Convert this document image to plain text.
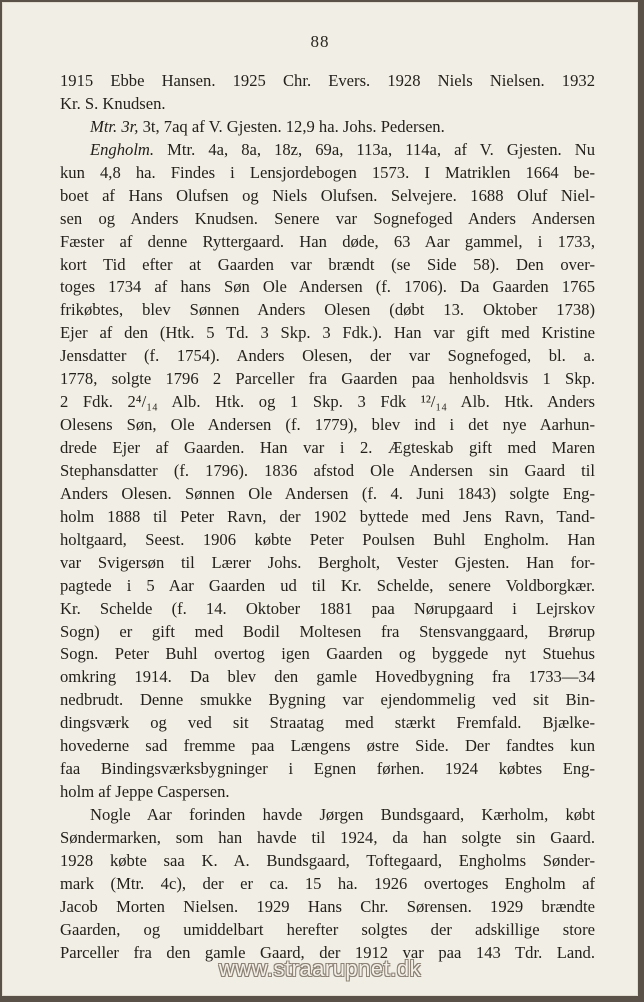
88
1915 Ebbe Hansen. 1925 Chr. Evers. 1928 Niels Nielsen. 1932
Kr. S. Knudsen.
Mtr. 3r, 3t, 7aq af V. Gjesten. 12,9 ha. Johs. Pedersen.
Engholm. Mtr. 4a, 8a, 18z, 69a, 113a, 114a, af V. Gjesten. Nu
kun 4,8 ha. Findes i Lensjordebogen 1573. I Matriklen 1664 be-
boet af Hans Olufsen og Niels Olufsen. Selvejere. 1688 Oluf Niel-
sen og Anders Knudsen. Senere var Sognefoged Anders Andersen
Fæster af denne Ryttergaard. Han døde, 63 Aar gammel, i 1733,
kort Tid efter at Gaarden var brændt (se Side 58). Den over-
toges 1734 af hans Søn Ole Andersen (f. 1706). Da Gaarden 1765
frikøbtes, blev Sønnen Anders Olesen (døbt 13. Oktober 1738)
Ejer af den (Htk. 5 Td. 3 Skp. 3 Fdk.). Han var gift med Kristine
Jensdatter (f. 1754). Anders Olesen, der var Sognefoged, bl. a.
1778, solgte 1796 2 Parceller fra Gaarden paa henholdsvis 1 Skp.
2 Fdk. 2⁴/₁₄ Alb. Htk. og 1 Skp. 3 Fdk ¹²/₁₄ Alb. Htk. Anders
Olesens Søn, Ole Andersen (f. 1779), blev ind i det nye Aarhun-
drede Ejer af Gaarden. Han var i 2. Ægteskab gift med Maren
Stephansdatter (f. 1796). 1836 afstod Ole Andersen sin Gaard til
Anders Olesen. Sønnen Ole Andersen (f. 4. Juni 1843) solgte Eng-
holm 1888 til Peter Ravn, der 1902 byttede med Jens Ravn, Tand-
holtgaard, Seest. 1906 købte Peter Poulsen Buhl Engholm. Han
var Svigersøn til Lærer Johs. Bergholt, Vester Gjesten. Han for-
pagtede i 5 Aar Gaarden ud til Kr. Schelde, senere Voldborgkær.
Kr. Schelde (f. 14. Oktober 1881 paa Nørupgaard i Lejrskov
Sogn) er gift med Bodil Moltesen fra Stensvanggaard, Brørup
Sogn. Peter Buhl overtog igen Gaarden og byggede nyt Stuehus
omkring 1914. Da blev den gamle Hovedbygning fra 1733—34
nedbrudt. Denne smukke Bygning var ejendommelig ved sit Bin-
dingsværk og ved sit Straatag med stærkt Fremfald. Bjælke-
hovederne sad fremme paa Længens østre Side. Der fandtes kun
faa Bindingsværksbygninger i Egnen førhen. 1924 købtes Eng-
holm af Jeppe Caspersen.
Nogle Aar forinden havde Jørgen Bundsgaard, Kærholm, købt
Søndermarken, som han havde til 1924, da han solgte sin Gaard.
1928 købte saa K. A. Bundsgaard, Toftegaard, Engholms Sønder-
mark (Mtr. 4c), der er ca. 15 ha. 1926 overtoges Engholm af
Jacob Morten Nielsen. 1929 Hans Chr. Sørensen. 1929 brændte
Gaarden, og umiddelbart herefter solgtes der adskillige store
Parceller fra den gamle Gaard, der 1912 var paa 143 Tdr. Land.
www.straarupnet.dk
